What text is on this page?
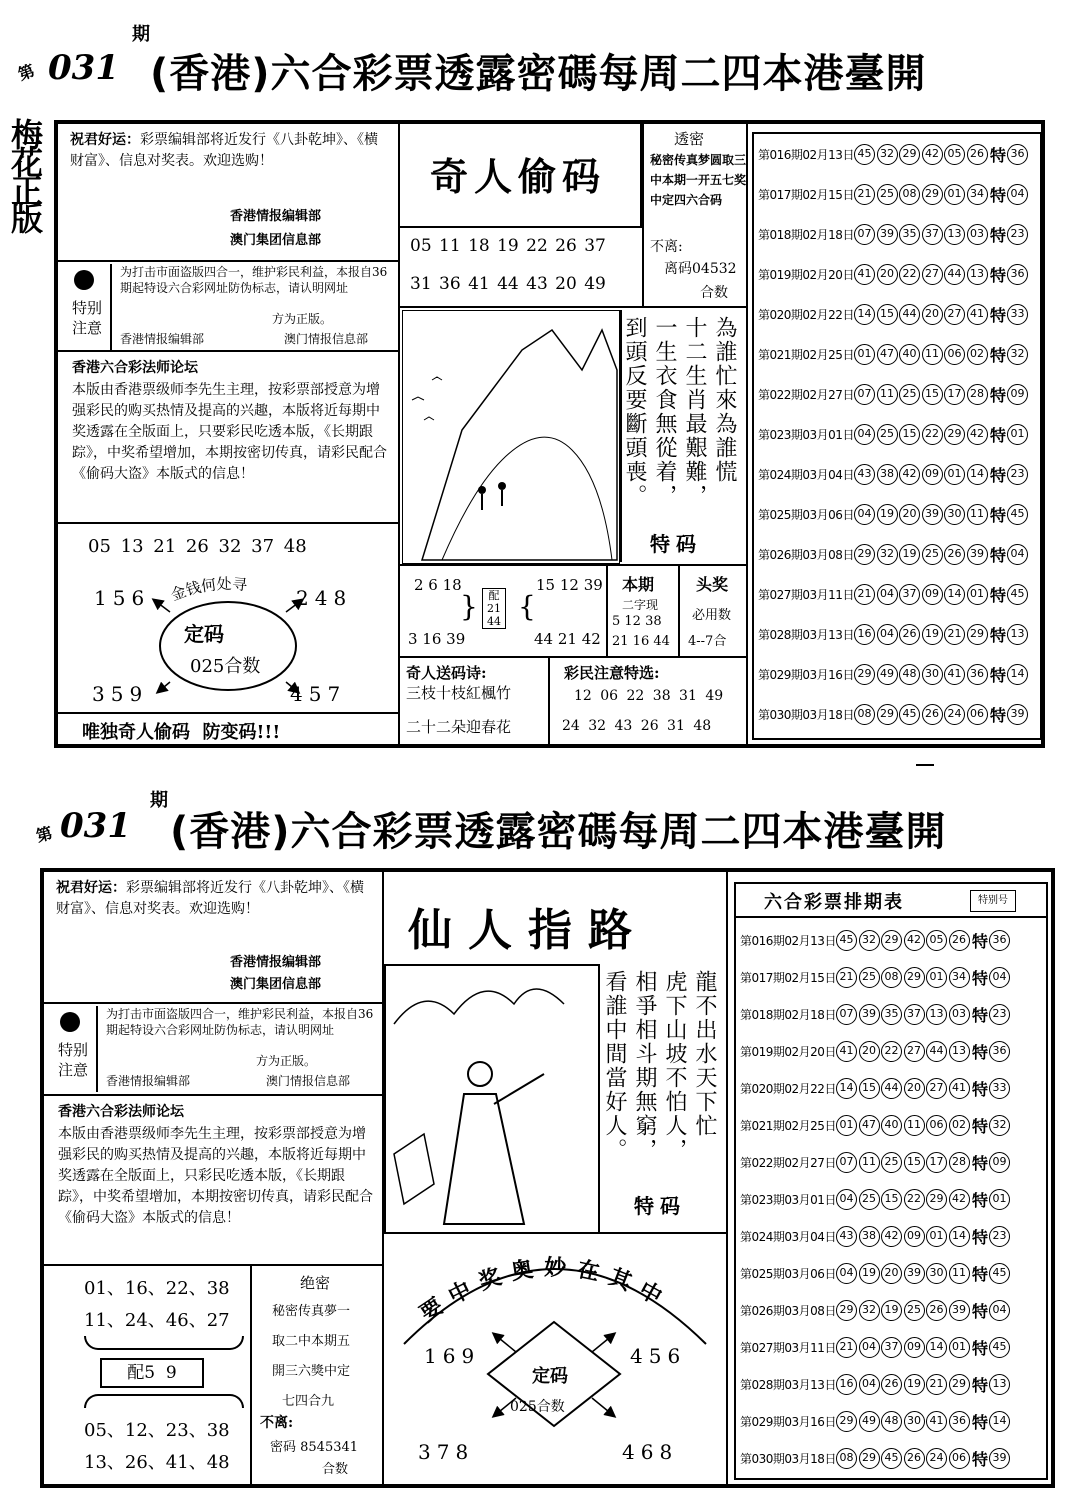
第 031
期
(香港)六合彩票透露密碼每周二四本港臺開
梅花正版 祝君好运：彩票编辑部将近发行《八卦乾坤》、《横财富》、信息对奖表。欢迎选购！
香港情报编辑部
澳门集团信息部
特别注意
为打击市面盗版四合一，维护彩民利益，本报自36期起特设六合彩网址防伪标志，请认明网址
方为正版。
香港情报编辑部	澳门情报信息部
香港六合彩法师论坛
本版由香港票级师李先生主理，按彩票部授意为增强彩民的购买热情及提高的兴趣，本版将近每期中奖透露在全版面上，只要彩民吃透本版，《长期跟踪》，中奖希望增加，本期按密切传真，请彩民配合《偷码大盗》本版式的信息！
05 13 21 26 32 37 48
金钱何处寻
156	248
定码
025合数
359	457
唯独奇人偷码  防变码!!!
奇人偷码
05 11 18 19 22 26 37
31 36 41 44 43 20 49
透密
秘密传真梦圆取三中本期一开五七奖中定四六合码
不离:
离码04532
合数
為誰忙來為誰慌
十二生肖最艱難，
一生衣食無從着，
到頭反要斷頭喪。
特码
2 6 18
3 16 39
} 配 21 44 {
15 12 39
44 21 42
本期
二字现
5 12 38
21 16 44
头奖
必用数
4--7合
奇人送码诗:
三枝十枝紅楓竹
二十二朵迎春花
彩民注意特选:
12 06 22 38 31 49
24 32 43 26 31 48
第016期02月13日 45 32 29 42 05 26 特 36
第017期02月15日 21 25 08 29 01 34 特 04
第018期02月18日 07 39 35 37 13 03 特 23
第019期02月20日 41 20 22 27 44 13 特 36
第020期02月22日 14 15 44 20 27 41 特 33
第021期02月25日 01 47 40 11 06 02 特 32
第022期02月27日 07 11 25 15 17 28 特 09
第023期03月01日 04 25 15 22 29 42 特 01
第024期03月04日 43 38 42 09 01 14 特 23
第025期03月06日 04 19 20 39 30 11 特 45
第026期03月08日 29 32 19 25 26 39 特 04
第027期03月11日 21 04 37 09 14 01 特 45
第028期03月13日 16 04 26 19 21 29 特 13
第029期03月16日 29 49 48 30 41 36 特 14
第030期03月18日 08 29 45 26 24 06 特 39
第 031
期
(香港)六合彩票透露密碼每周二四本港臺開
祝君好运：彩票编辑部将近发行《八卦乾坤》、《横财富》、信息对奖表。欢迎选购！
香港情报编辑部
澳门集团信息部
特别注意
为打击市面盗版四合一，维护彩民利益，本报自36期起特设六合彩网址防伪标志，请认明网址
方为正版。
香港情报编辑部	澳门情报信息部
香港六合彩法师论坛
本版由香港票级师李先生主理，按彩票部授意为增强彩民的购买热情及提高的兴趣，本版将近每期中奖透露在全版面上，只彩民吃透本版，《长期跟踪》，中奖希望增加，本期按密切传真，请彩民配合《偷码大盗》本版式的信息！
01、16、22、38
11、24、46、27
配5  9
05、12、23、38
13、26、41、48
绝密
秘密传真夢一
取二中本期五
開三六獎中定
七四合九
不离:
密码 8545341
合数
仙人指路
龍不出水天下忙
虎下山坡不怕人，
相爭相斗期無窮，
看誰中間當好人。
特码
要中奖奥妙在其中
169	456
定码
025合数
378	468
六合彩票排期表	特别号
第016期02月13日 45 32 29 42 05 26 特 36
第017期02月15日 21 25 08 29 01 34 特 04
第018期02月18日 07 39 35 37 13 03 特 23
第019期02月20日 41 20 22 27 44 13 特 36
第020期02月22日 14 15 44 20 27 41 特 33
第021期02月25日 01 47 40 11 06 02 特 32
第022期02月27日 07 11 25 15 17 28 特 09
第023期03月01日 04 25 15 22 29 42 特 01
第024期03月04日 43 38 42 09 01 14 特 23
第025期03月06日 04 19 20 39 30 11 特 45
第026期03月08日 29 32 19 25 26 39 特 04
第027期03月11日 21 04 37 09 14 01 特 45
第028期03月13日 16 04 26 19 21 29 特 13
第029期03月16日 29 49 48 30 41 36 特 14
第030期03月18日 08 29 45 26 24 06 特 39
